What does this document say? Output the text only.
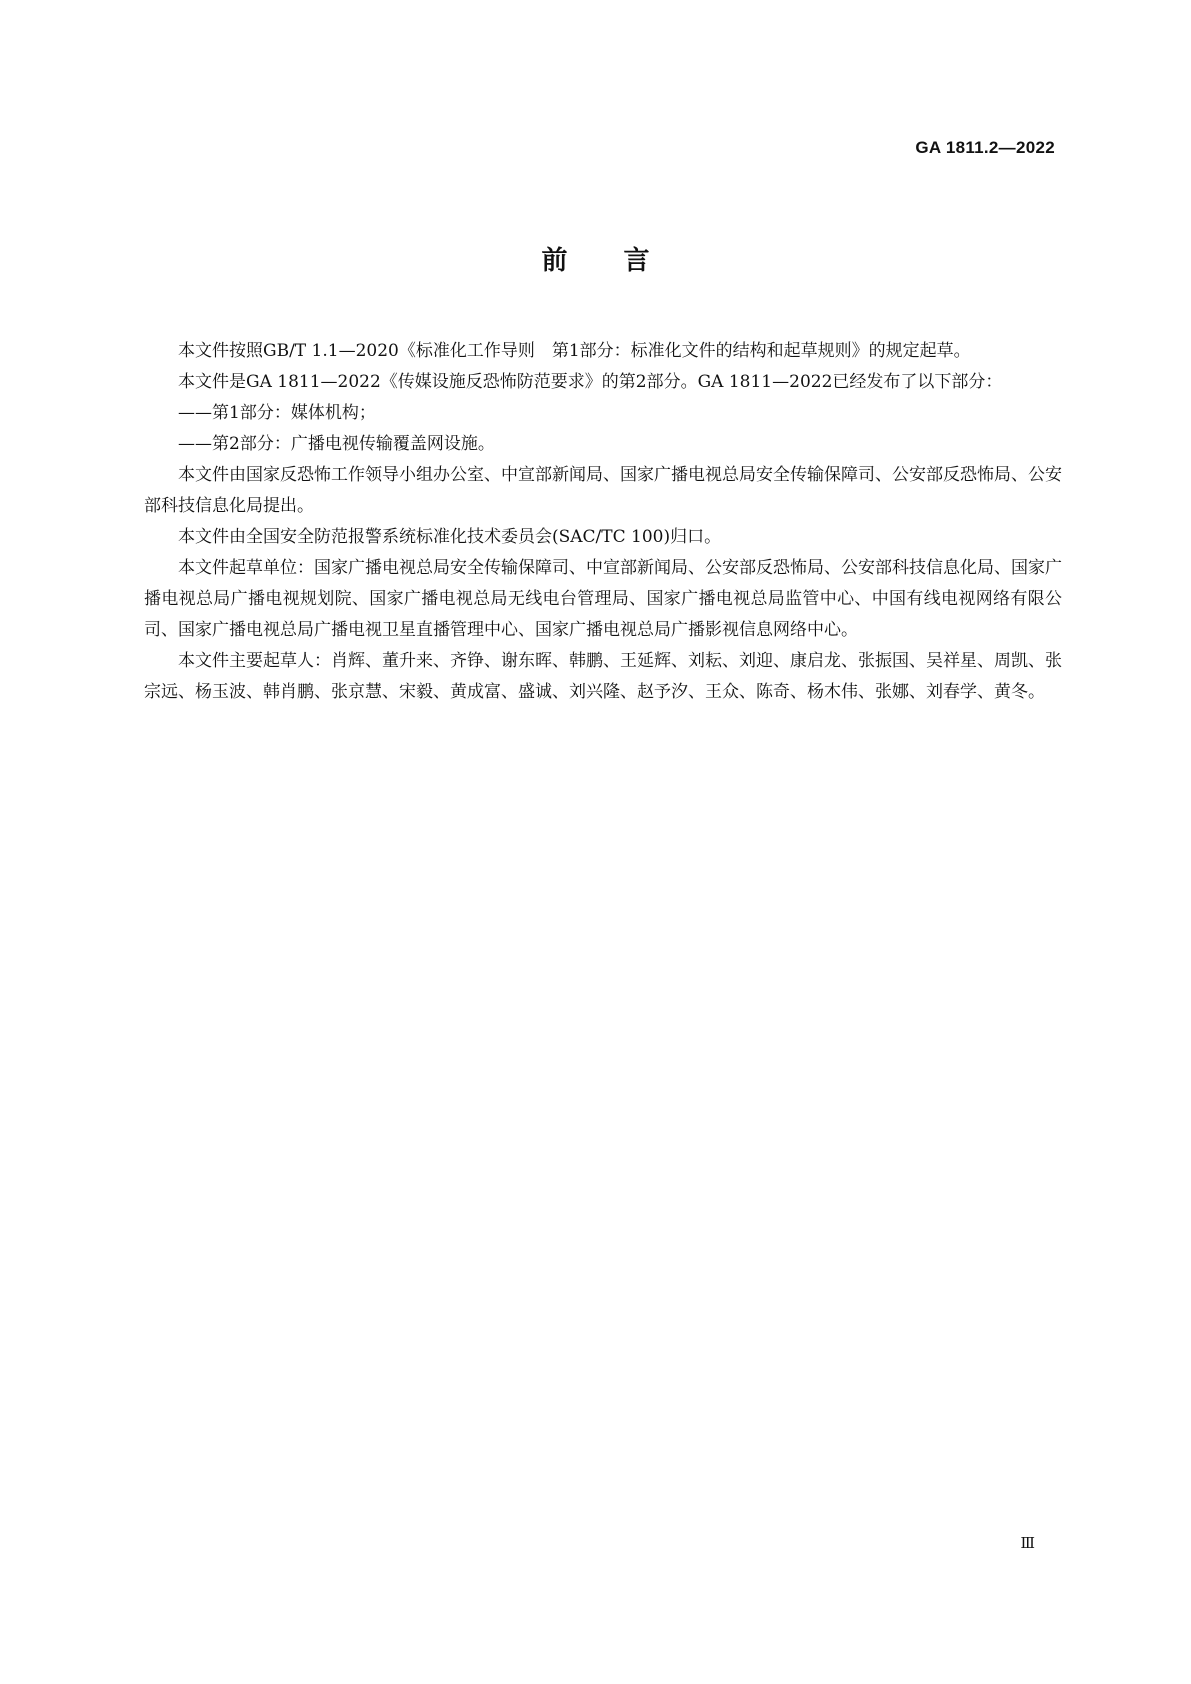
GA 1811.2—2022
前言

本文件按照GB/T 1.1—2020《标准化工作导则　第1部分：标准化文件的结构和起草规则》的规定起草。

本文件是GA 1811—2022《传媒设施反恐怖防范要求》的第2部分。GA 1811—2022已经发布了以下部分：

——第1部分：媒体机构；

——第2部分：广播电视传输覆盖网设施。

本文件由国家反恐怖工作领导小组办公室、中宣部新闻局、国家广播电视总局安全传输保障司、公安部反恐怖局、公安部科技信息化局提出。

本文件由全国安全防范报警系统标准化技术委员会(SAC/TC 100)归口。

本文件起草单位：国家广播电视总局安全传输保障司、中宣部新闻局、公安部反恐怖局、公安部科技信息化局、国家广播电视总局广播电视规划院、国家广播电视总局无线电台管理局、国家广播电视总局监管中心、中国有线电视网络有限公司、国家广播电视总局广播电视卫星直播管理中心、国家广播电视总局广播影视信息网络中心。

本文件主要起草人：肖辉、董升来、齐铮、谢东晖、韩鹏、王延辉、刘耘、刘迎、康启龙、张振国、吴祥星、周凯、张宗远、杨玉波、韩肖鹏、张京慧、宋毅、黄成富、盛诚、刘兴隆、赵予汐、王众、陈奇、杨木伟、张娜、刘春学、黄冬。

Ⅲ
